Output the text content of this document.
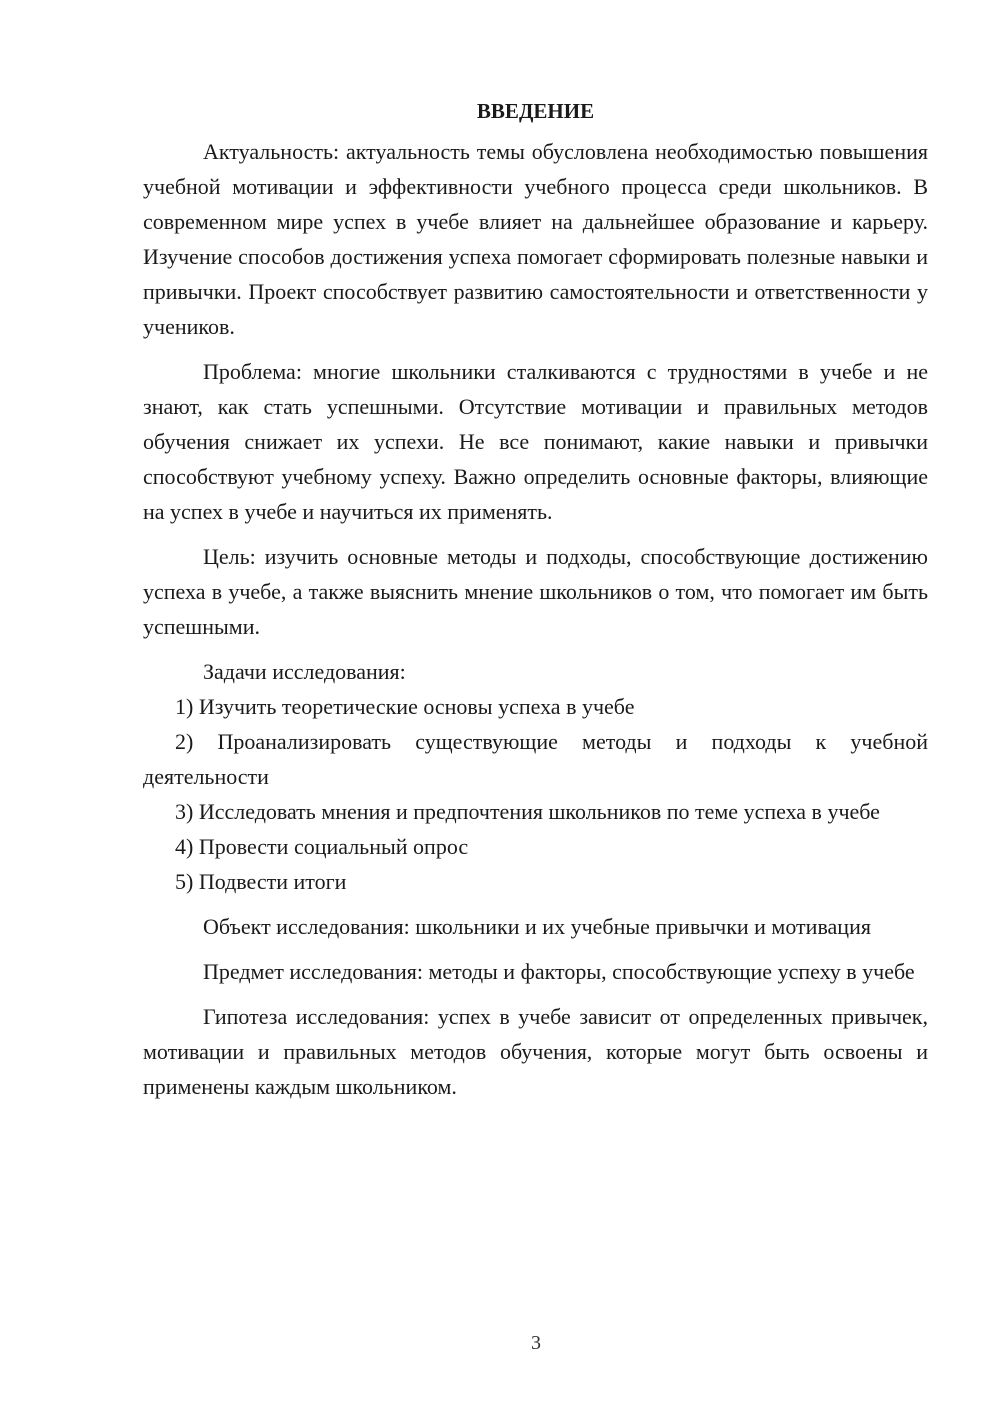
ВВЕДЕНИЕ

Актуальность: актуальность темы обусловлена необходимостью повышения учебной мотивации и эффективности учебного процесса среди школьников. В современном мире успех в учебе влияет на дальнейшее образование и карьеру. Изучение способов достижения успеха помогает сформировать полезные навыки и привычки. Проект способствует развитию самостоятельности и ответственности у учеников.

Проблема: многие школьники сталкиваются с трудностями в учебе и не знают, как стать успешными. Отсутствие мотивации и правильных методов обучения снижает их успехи. Не все понимают, какие навыки и привычки способствуют учебному успеху. Важно определить основные факторы, влияющие на успех в учебе и научиться их применять.

Цель: изучить основные методы и подходы, способствующие достижению успеха в учебе, а также выяснить мнение школьников о том, что помогает им быть успешными.

Задачи исследования:

1) Изучить теоретические основы успеха в учебе

2) Проанализировать существующие методы и подходы к учебной деятельности

3) Исследовать мнения и предпочтения школьников по теме успеха в учебе

4) Провести социальный опрос

5) Подвести итоги

Объект исследования: школьники и их учебные привычки и мотивация

Предмет исследования: методы и факторы, способствующие успеху в учебе

Гипотеза исследования: успех в учебе зависит от определенных привычек, мотивации и правильных методов обучения, которые могут быть освоены и применены каждым школьником.

3
